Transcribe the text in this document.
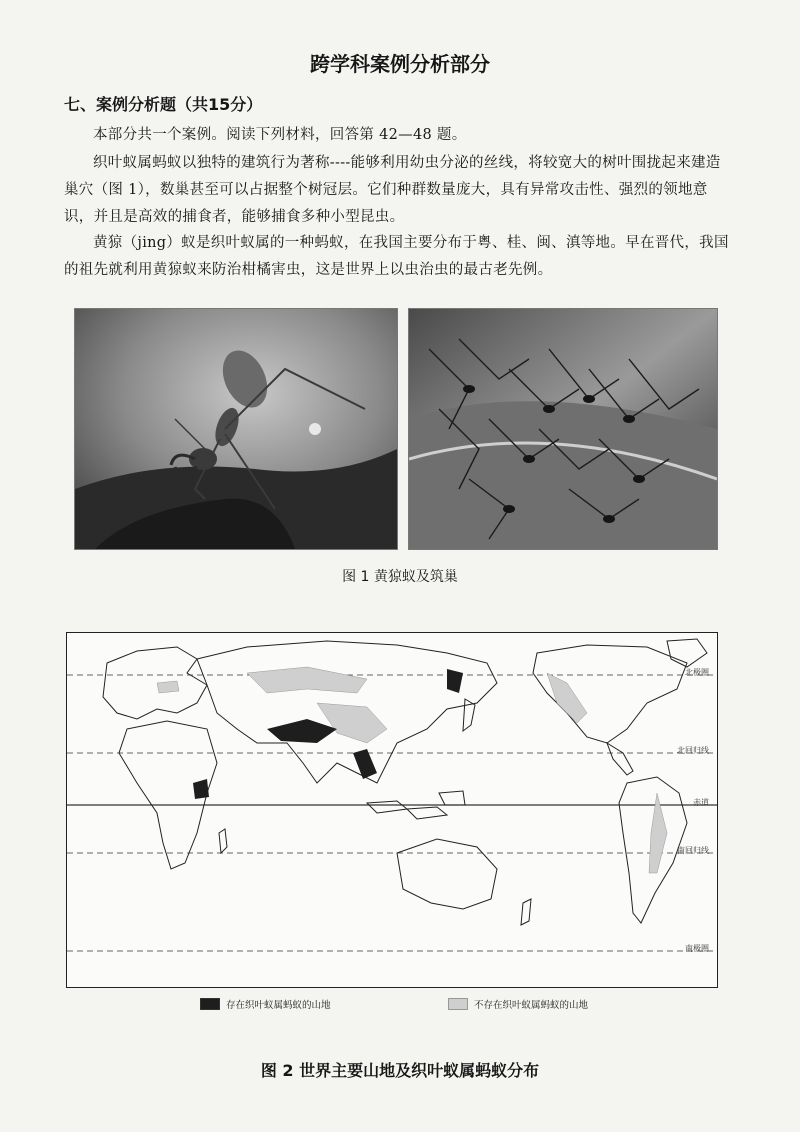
跨学科案例分析部分
七、案例分析题（共15分）

本部分共一个案例。阅读下列材料，回答第 42—48 题。

织叶蚁属蚂蚁以独特的建筑行为著称----能够利用幼虫分泌的丝线，将较宽大的树叶围拢起来建造巢穴（图 1），数巢甚至可以占据整个树冠层。它们种群数量庞大，具有异常攻击性、强烈的领地意识，并且是高效的捕食者，能够捕食多种小型昆虫。

黄猄（jing）蚁是织叶蚁属的一种蚂蚁，在我国主要分布于粤、桂、闽、滇等地。早在晋代，我国的祖先就利用黄猄蚁来防治柑橘害虫，这是世界上以虫治虫的最古老先例。

图 1 黄猄蚁及筑巢
北极圈
北回归线
赤道
南回归线
南极圈
存在织叶蚁属蚂蚁的山地	不存在织叶蚁属蚂蚁的山地
图 2 世界主要山地及织叶蚁属蚂蚁分布
